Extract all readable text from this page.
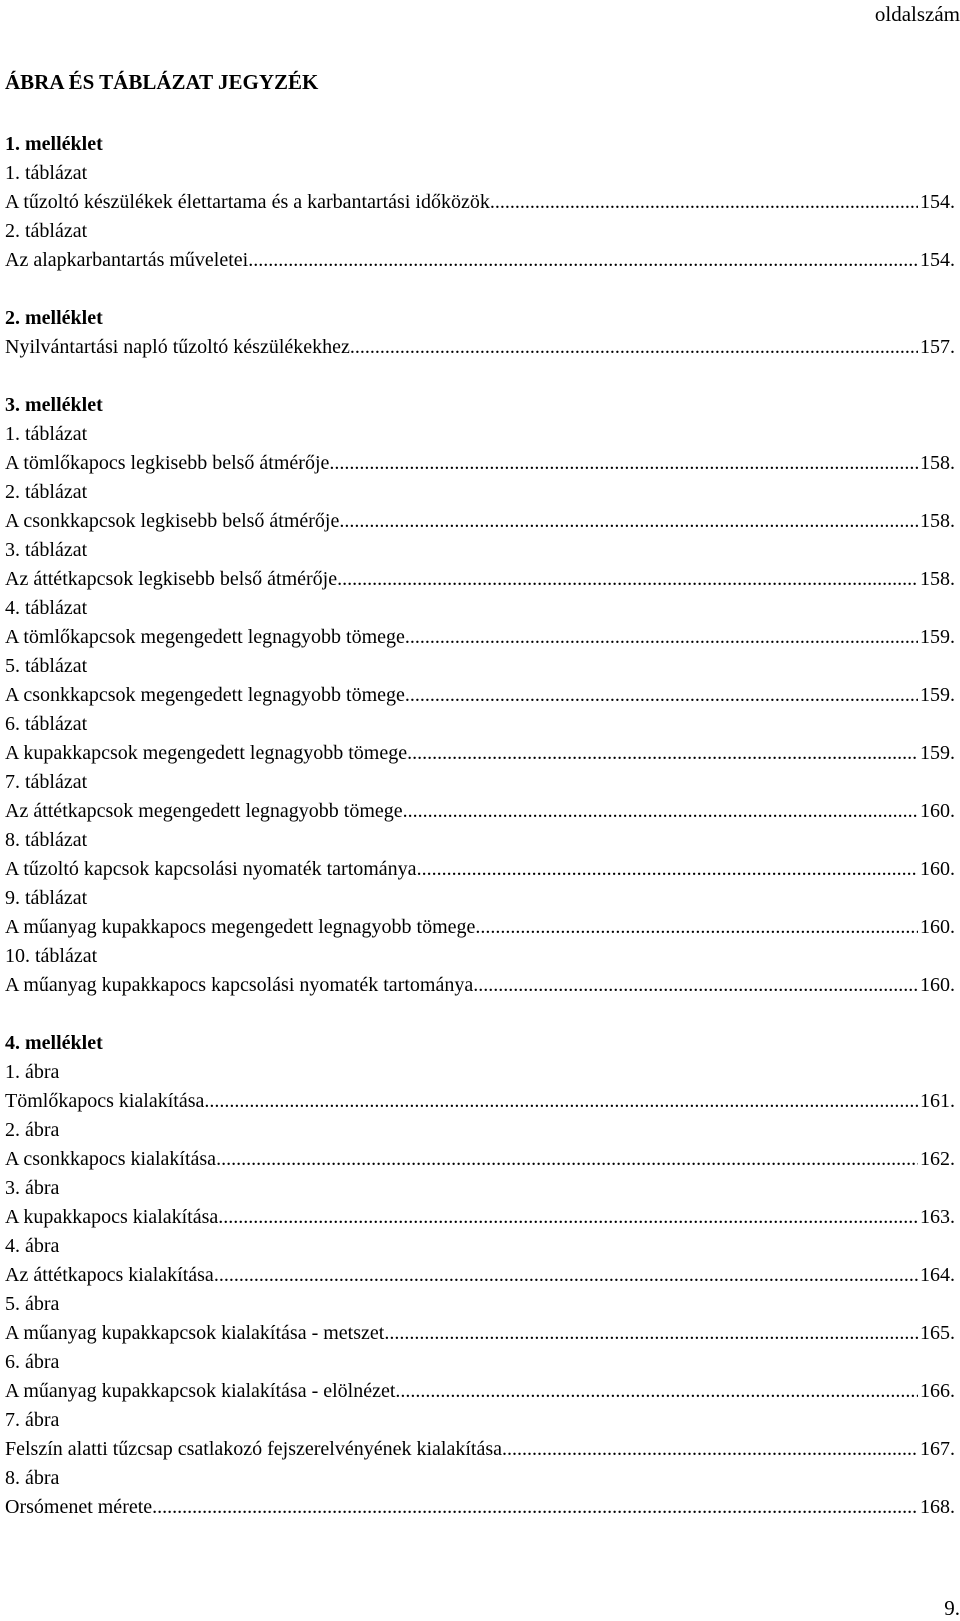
oldalszám
ÁBRA ÉS TÁBLÁZAT JEGYZÉK
1. melléklet
1. táblázat
A tűzoltó készülékek élettartama és a karbantartási időközök .....	154.
2. táblázat
Az alapkarbantartás műveletei .....	154.
2. melléklet
Nyilvántartási napló tűzoltó készülékekhez .....	157.
3. melléklet
1. táblázat
A tömlőkapocs legkisebb belső átmérője .....	158.
2. táblázat
A csonkkapcsok legkisebb belső átmérője .....	158.
3. táblázat
Az áttétkapcsok legkisebb belső átmérője .....	158.
4. táblázat
A tömlőkapcsok megengedett legnagyobb tömege .....	159.
5. táblázat
A csonkkapcsok megengedett legnagyobb tömege .....	159.
6. táblázat
A kupakkapcsok megengedett legnagyobb tömege .....	159.
7. táblázat
Az áttétkapcsok megengedett legnagyobb tömege .....	160.
8. táblázat
A tűzoltó kapcsok kapcsolási nyomaték tartománya .....	160.
9. táblázat
A műanyag kupakkapocs megengedett legnagyobb tömege .....	160.
10. táblázat
A műanyag kupakkapocs kapcsolási nyomaték tartománya .....	160.
4. melléklet
1. ábra
Tömlőkapocs kialakítása .....	161.
2. ábra
A csonkkapocs kialakítása .....	162.
3. ábra
A kupakkapocs kialakítása .....	163.
4. ábra
Az áttétkapocs kialakítása .....	164.
5. ábra
A műanyag kupakkapcsok kialakítása - metszet .....	165.
6. ábra
A műanyag kupakkapcsok kialakítása - elölnézet .....	166.
7. ábra
Felszín alatti tűzcsap csatlakozó fejszerelvényének kialakítása .....	167.
8. ábra
Orsómenet mérete .....	168.
9.
